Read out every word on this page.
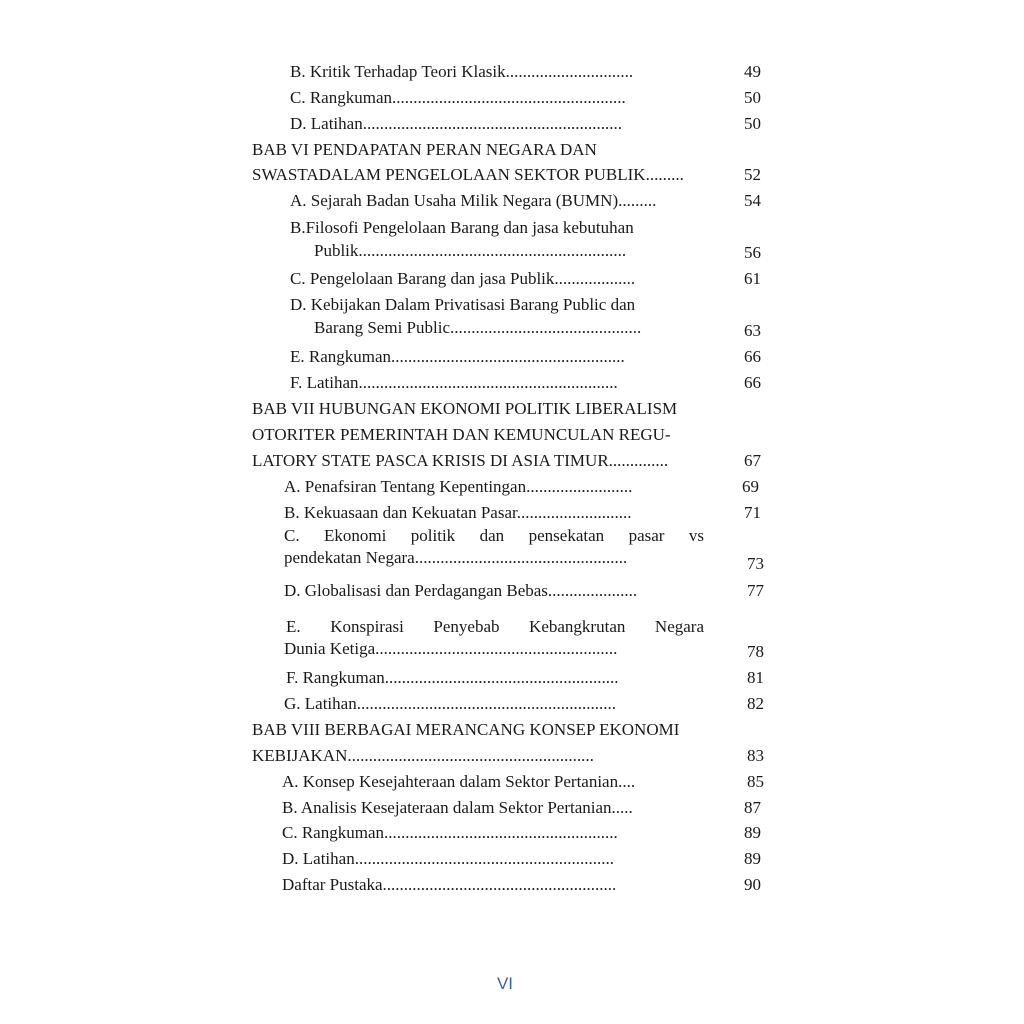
B. Kritik Terhadap Teori Klasik..............................	49
C. Rangkuman.......................................................	50
D. Latihan.............................................................	50
BAB VI PENDAPATAN PERAN NEGARA DAN
SWASTADALAM PENGELOLAAN SEKTOR PUBLIK.........	52
A. Sejarah Badan Usaha Milik Negara (BUMN).........	54
B.Filosofi Pengelolaan Barang dan jasa kebutuhan
Publik...............................................................	56
C. Pengelolaan Barang dan jasa Publik...................	61
D. Kebijakan Dalam Privatisasi Barang Public dan
Barang Semi Public.............................................	63
E. Rangkuman.......................................................	66
F. Latihan.............................................................	66
BAB VII HUBUNGAN EKONOMI POLITIK LIBERALISM
OTORITER PEMERINTAH DAN KEMUNCULAN REGU-
LATORY STATE PASCA KRISIS DI ASIA TIMUR..............	67
A. Penafsiran Tentang Kepentingan.........................	69
B. Kekuasaan dan Kekuatan Pasar...........................	71
C. Ekonomi politik dan pensekatan pasar vs
pendekatan Negara..................................................	73
D. Globalisasi dan Perdagangan Bebas.....................	77
E. Konspirasi Penyebab Kebangkrutan Negara
Dunia Ketiga.........................................................	78
F. Rangkuman.......................................................	81
G. Latihan.............................................................	82
BAB VIII BERBAGAI MERANCANG KONSEP EKONOMI
KEBIJAKAN..........................................................	83
A. Konsep Kesejahteraan dalam Sektor Pertanian....	85
B. Analisis Kesejateraan dalam Sektor Pertanian.....	87
C. Rangkuman.......................................................	89
D. Latihan.............................................................	89
Daftar Pustaka.......................................................	90
VI
